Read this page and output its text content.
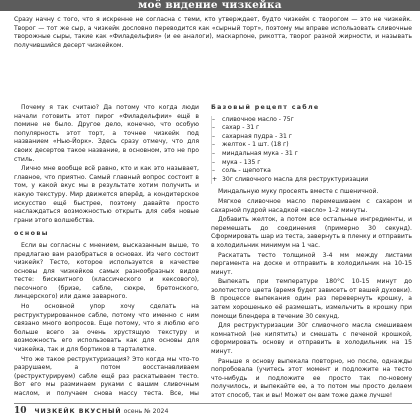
моё видение чизкейка
Сразу начну с того, что я искренне не согласна с теми, кто утверждает, будто чизкейк с творогом — это не чизкейк. Творог — тот же сыр, а чизкейк дословно переводится как «сырный торт», поэтому мы вправе использовать сливочные творожные сыры, такие как «Филадельфия» (и ее аналоги), маскарпоне, рикотта, творог разной жирности, и называть получившийся десерт чизкейком.

Почему я так считаю? Да потому что когда люди начали готовить этот пирог «Филадельфии» ещё в помине не было. Другое дело, конечно, что особую популярность этот торт, а точнее чизкейк под названием «Нью-Йорк». Здесь сразу отмечу, что для своих десертов такое название, в основном, это не про стиль.

Лично мне вообще всё равно, кто и как это называет, главное, что приятно. Самый главный вопрос состоит в том, у какой вкус мы в результате хотим получить и какую текстуру. Мир движется вперёд, а кондитерское искусство ещё быстрее, поэтому давайте просто наслаждаться возможностью открыть для себя новые грани этого волшебства.

основы

Если вы согласны с мнением, высказанным выше, то предлагаю вам разобраться в основах. Из чего состоит чизкейк? Тесто, которое используется в качестве основы для чизкейков самых разнообразных видов тесте: бисквитного (классического и кексового), песочного (бризе, сабле, сюкре, бретонского, линцерского) или даже заварного.

Но основной упор хочу сделать на реструктурированное сабле, потому что именно с ним связано много вопросов. Еще потому, что я люблю его больше всего за очень хрустящую текстуру и возможность его использовать как для основы для чизкейка, так и для бортиков в тарталетке.

Что же такое реструктуризация? Это когда мы что-то разрушаем, а потом восстанавливаем (реструктурируем) сабле ещё раз раскатываем тесто. Вот его мы разминаем руками с вашим сливочным маслом, и получаем снова массу теста. Все, мы

Базовый рецепт сабле
–	сливочное масло - 75г
–	сахар - 31 г
–	сахарная пудра - 31 г
–	желток - 1 шт. (18 г)
–	миндальная мука - 31 г
–	мука - 135 г
–	соль - щепотка
+ 30г сливочного масла для реструктуризации

Миндальную муку просеять вместе с пшеничной.

Мягкое сливочное масло перемешиваем с сахаром и сахарной пудрой насадкой «весло» 1–2 минуты.

Добавить желток, а потом все остальные ингредиенты, и перемешать до соединения (примерно 30 секунд). Сформировать шар из теста, завернуть в пленку и отправить в холодильник минимум на 1 час.

Раскатать тесто толщиной 3-4 мм между листами пергамента на доске и отправить в холодильник на 10-15 минут.

Выпекать при температуре 180°С 10-15 минут до золотистого цвета (время будет зависеть от вашей духовки). В процессе выпекания один раз перевернуть крошку, а затем хорошенько её размешать, измельчить в крошку при помощи блендера в течение 30 секунд.

Для реструктуризации 30г сливочного масла смешиваем комнатной (не кипятить) и смешать с печеной крошкой, сформировать основу и отправить в холодильник на 15 минут.

Раньше я основу выпекала повторно, но после, однажды попробовала (учитесь этот момент и подложите на тесто что-нибудь и подложите ее просто так по-новому получилось, и выпекайте ее, а то потом мы просто делаем этот способ, так и вы! Может он вам тоже даже лучше!

10 ЧИЗКЕЙК ВКУСНЫЙ осень № 2024
